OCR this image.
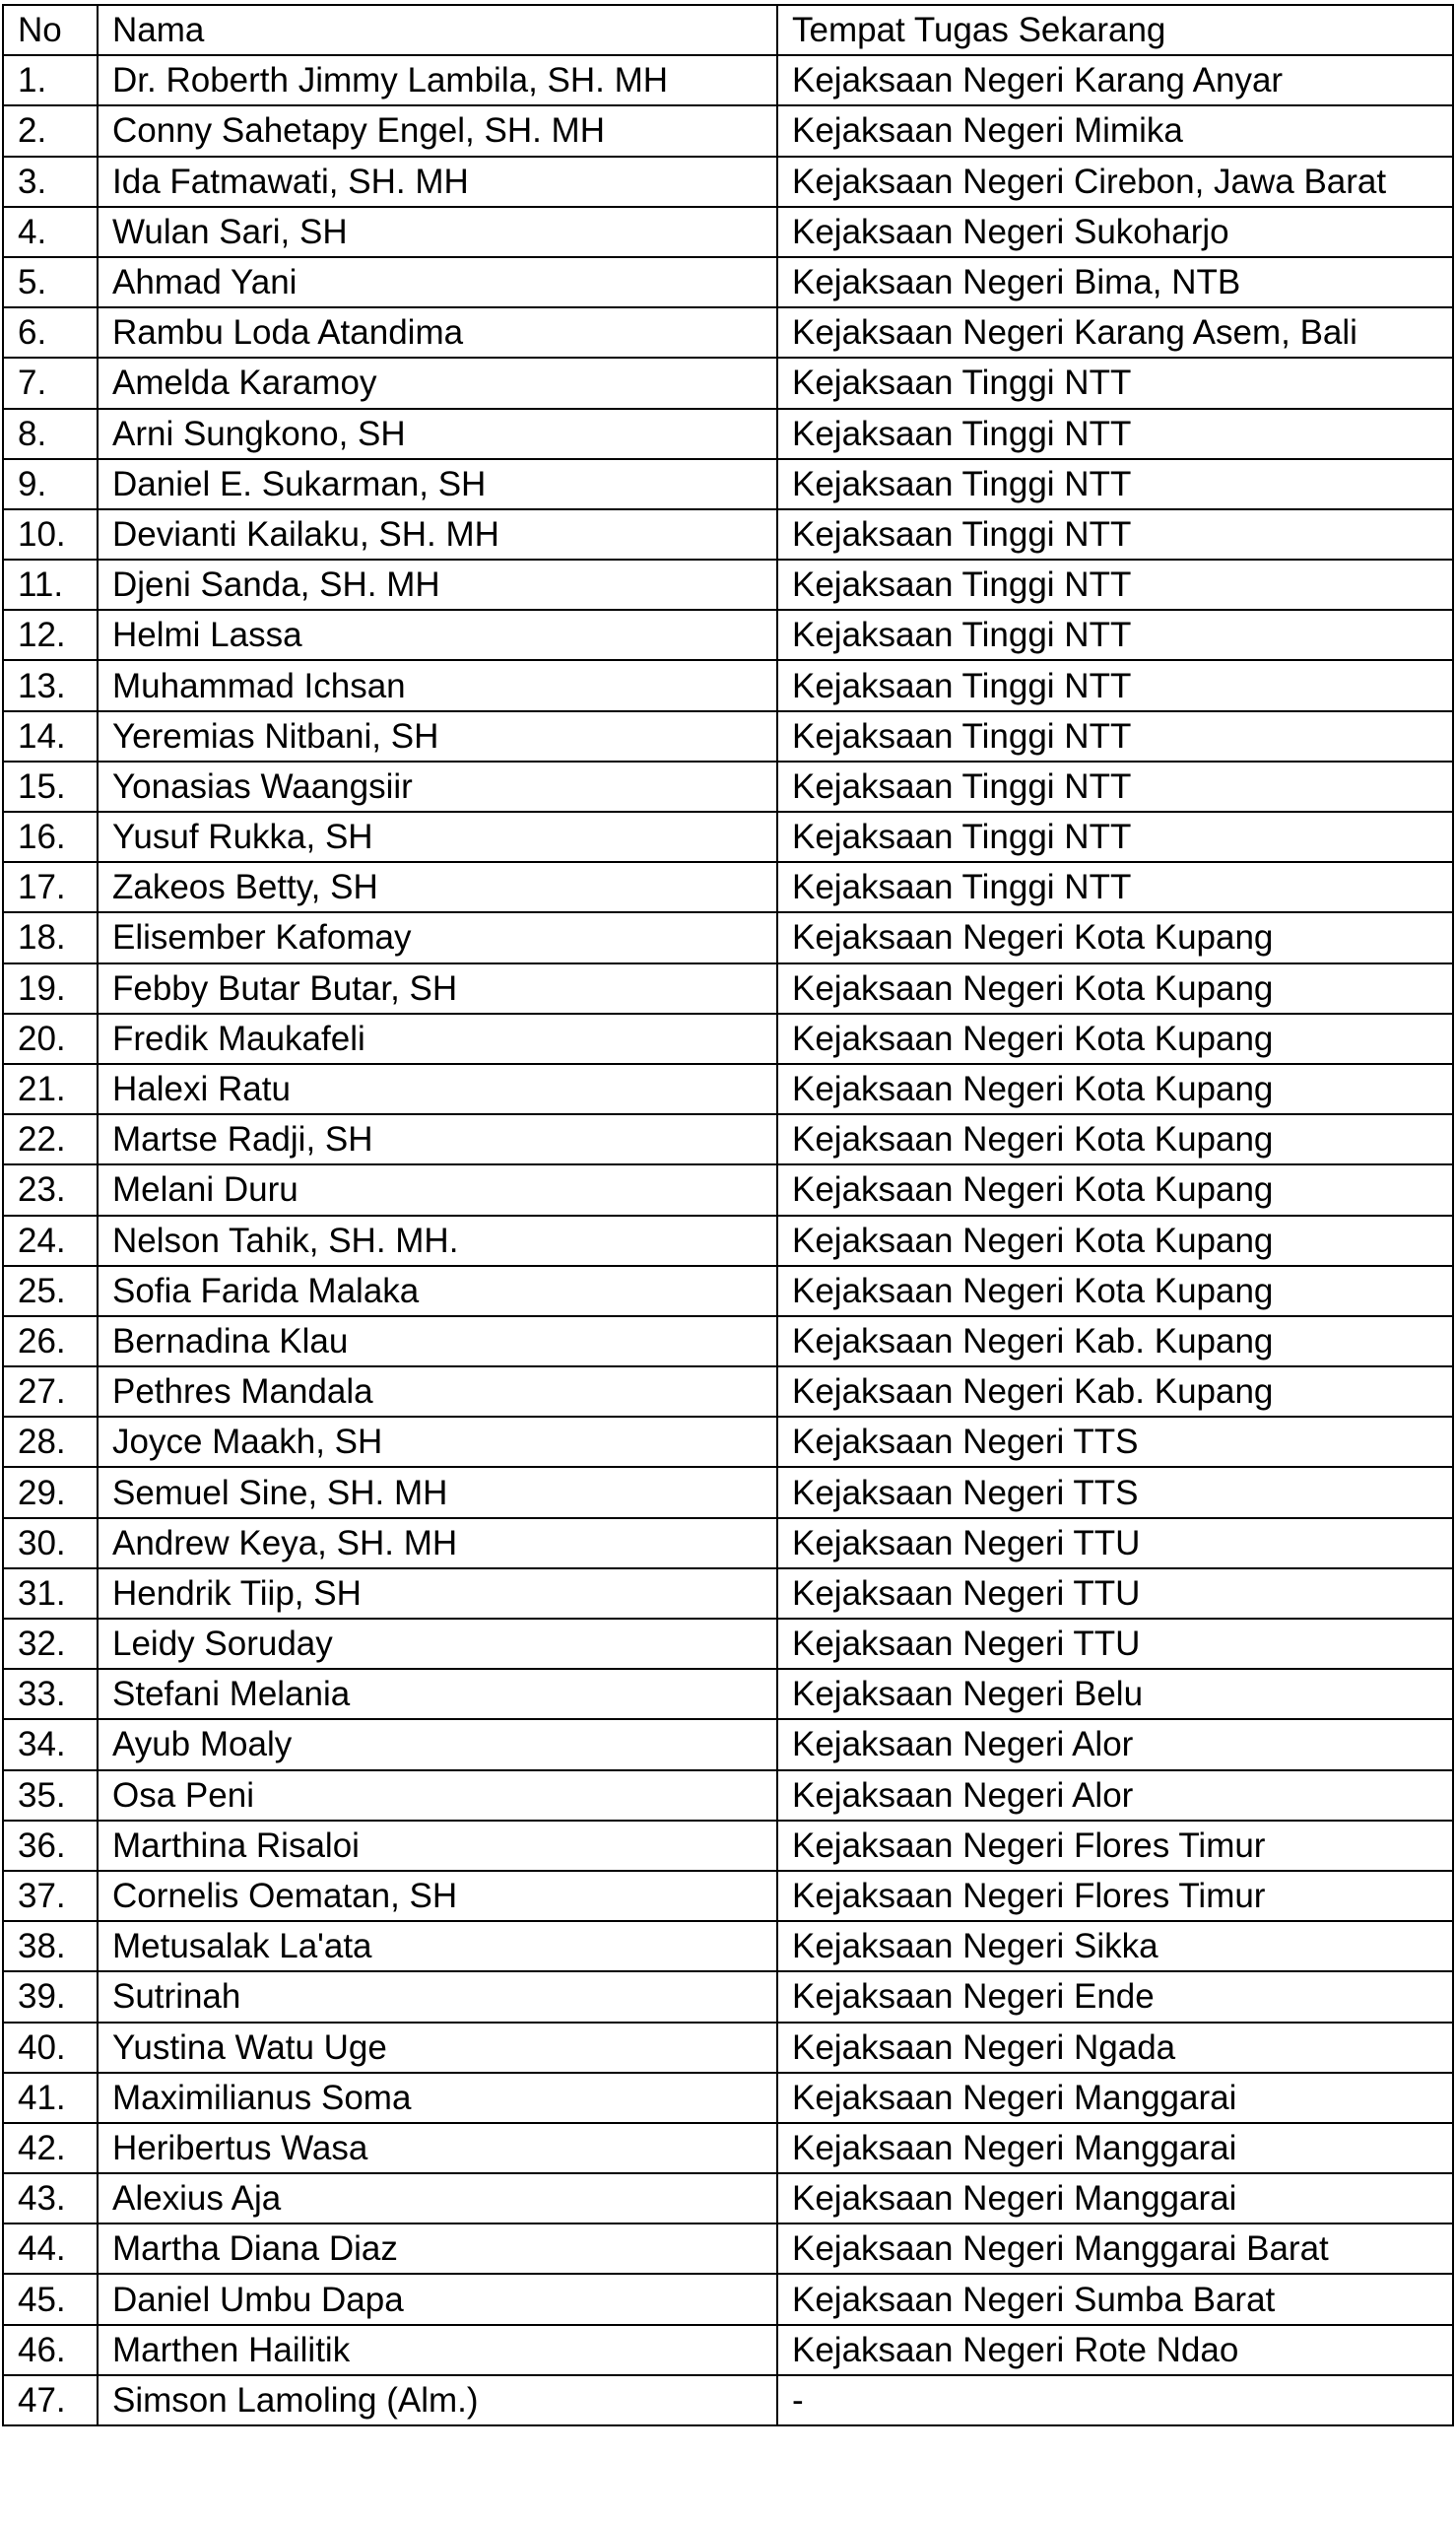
No	Nama	Tempat Tugas Sekarang
1.	Dr. Roberth Jimmy Lambila, SH. MH	Kejaksaan Negeri Karang Anyar
2.	Conny Sahetapy Engel, SH. MH	Kejaksaan Negeri Mimika
3.	Ida Fatmawati, SH. MH	Kejaksaan Negeri Cirebon, Jawa Barat
4.	Wulan Sari, SH	Kejaksaan Negeri Sukoharjo
5.	Ahmad Yani	Kejaksaan Negeri Bima, NTB
6.	Rambu Loda Atandima	Kejaksaan Negeri Karang Asem, Bali
7.	Amelda Karamoy	Kejaksaan Tinggi NTT
8.	Arni Sungkono, SH	Kejaksaan Tinggi NTT
9.	Daniel E. Sukarman, SH	Kejaksaan Tinggi NTT
10.	Devianti Kailaku, SH. MH	Kejaksaan Tinggi NTT
11.	Djeni Sanda, SH. MH	Kejaksaan Tinggi NTT
12.	Helmi Lassa	Kejaksaan Tinggi NTT
13.	Muhammad Ichsan	Kejaksaan Tinggi NTT
14.	Yeremias Nitbani, SH	Kejaksaan Tinggi NTT
15.	Yonasias Waangsiir	Kejaksaan Tinggi NTT
16.	Yusuf Rukka, SH	Kejaksaan Tinggi NTT
17.	Zakeos Betty, SH	Kejaksaan Tinggi NTT
18.	Elisember Kafomay	Kejaksaan Negeri Kota Kupang
19.	Febby Butar Butar, SH	Kejaksaan Negeri Kota Kupang
20.	Fredik Maukafeli	Kejaksaan Negeri Kota Kupang
21.	Halexi Ratu	Kejaksaan Negeri Kota Kupang
22.	Martse Radji, SH	Kejaksaan Negeri Kota Kupang
23.	Melani Duru	Kejaksaan Negeri Kota Kupang
24.	Nelson Tahik, SH. MH.	Kejaksaan Negeri Kota Kupang
25.	Sofia Farida Malaka	Kejaksaan Negeri Kota Kupang
26.	Bernadina Klau	Kejaksaan Negeri Kab. Kupang
27.	Pethres Mandala	Kejaksaan Negeri Kab. Kupang
28.	Joyce Maakh, SH	Kejaksaan Negeri TTS
29.	Semuel Sine, SH. MH	Kejaksaan Negeri TTS
30.	Andrew Keya, SH. MH	Kejaksaan Negeri TTU
31.	Hendrik Tiip, SH	Kejaksaan Negeri TTU
32.	Leidy Soruday	Kejaksaan Negeri TTU
33.	Stefani Melania	Kejaksaan Negeri Belu
34.	Ayub Moaly	Kejaksaan Negeri Alor
35.	Osa Peni	Kejaksaan Negeri Alor
36.	Marthina Risaloi	Kejaksaan Negeri Flores Timur
37.	Cornelis Oematan, SH	Kejaksaan Negeri Flores Timur
38.	Metusalak La'ata	Kejaksaan Negeri Sikka
39.	Sutrinah	Kejaksaan Negeri Ende
40.	Yustina Watu Uge	Kejaksaan Negeri Ngada
41.	Maximilianus Soma	Kejaksaan Negeri Manggarai
42.	Heribertus Wasa	Kejaksaan Negeri Manggarai
43.	Alexius Aja	Kejaksaan Negeri Manggarai
44.	Martha Diana Diaz	Kejaksaan Negeri Manggarai Barat
45.	Daniel Umbu Dapa	Kejaksaan Negeri Sumba Barat
46.	Marthen Hailitik	Kejaksaan Negeri Rote Ndao
47.	Simson Lamoling (Alm.)	-
